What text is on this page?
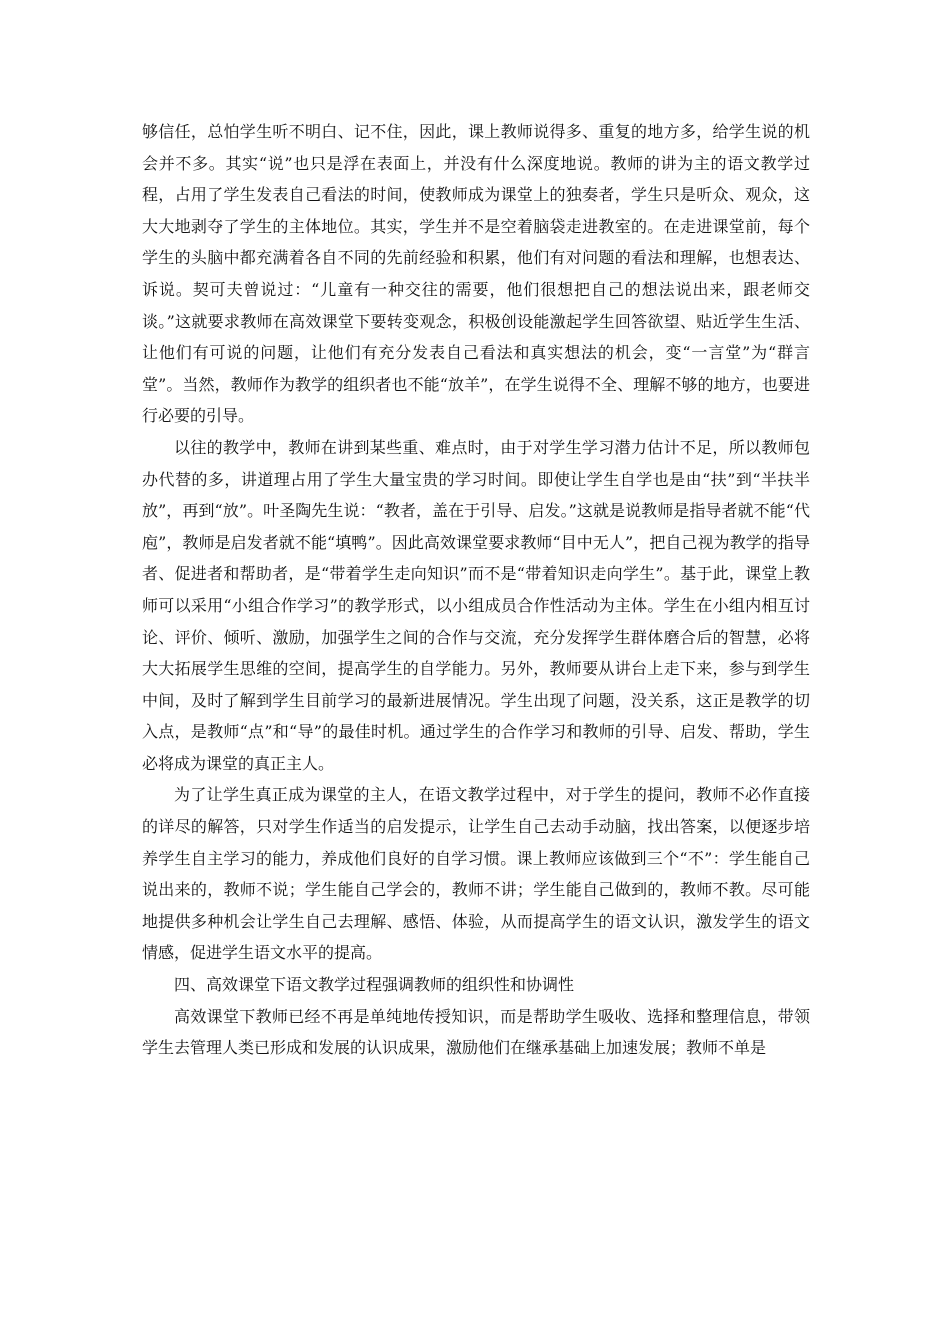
够信任，总怕学生听不明白、记不住，因此，课上教师说得多、重复的地方多，给学生说的机会并不多。其实“说”也只是浮在表面上，并没有什么深度地说。教师的讲为主的语文教学过程，占用了学生发表自己看法的时间，使教师成为课堂上的独奏者，学生只是听众、观众，这大大地剥夺了学生的主体地位。其实，学生并不是空着脑袋走进教室的。在走进课堂前，每个学生的头脑中都充满着各自不同的先前经验和积累，他们有对问题的看法和理解，也想表达、诉说。契可夫曾说过：“儿童有一种交往的需要，他们很想把自己的想法说出来，跟老师交谈。”这就要求教师在高效课堂下要转变观念，积极创设能激起学生回答欲望、贴近学生生活、让他们有可说的问题，让他们有充分发表自己看法和真实想法的机会，变“一言堂”为“群言堂”。当然，教师作为教学的组织者也不能“放羊”，在学生说得不全、理解不够的地方，也要进行必要的引导。

以往的教学中，教师在讲到某些重、难点时，由于对学生学习潜力估计不足，所以教师包办代替的多，讲道理占用了学生大量宝贵的学习时间。即使让学生自学也是由“扶”到“半扶半放”，再到“放”。叶圣陶先生说：“教者，盖在于引导、启发。”这就是说教师是指导者就不能“代庖”，教师是启发者就不能“填鸭”。因此高效课堂要求教师“目中无人”，把自己视为教学的指导者、促进者和帮助者，是“带着学生走向知识”而不是“带着知识走向学生”。基于此，课堂上教师可以采用“小组合作学习”的教学形式，以小组成员合作性活动为主体。学生在小组内相互讨论、评价、倾听、激励，加强学生之间的合作与交流，充分发挥学生群体磨合后的智慧，必将大大拓展学生思维的空间，提高学生的自学能力。另外，教师要从讲台上走下来，参与到学生中间，及时了解到学生目前学习的最新进展情况。学生出现了问题，没关系，这正是教学的切入点，是教师“点”和“导”的最佳时机。通过学生的合作学习和教师的引导、启发、帮助，学生必将成为课堂的真正主人。

为了让学生真正成为课堂的主人，在语文教学过程中，对于学生的提问，教师不必作直接的详尽的解答，只对学生作适当的启发提示，让学生自己去动手动脑，找出答案，以便逐步培养学生自主学习的能力，养成他们良好的自学习惯。课上教师应该做到三个“不”：学生能自己说出来的，教师不说；学生能自己学会的，教师不讲；学生能自己做到的，教师不教。尽可能地提供多种机会让学生自己去理解、感悟、体验，从而提高学生的语文认识，激发学生的语文情感，促进学生语文水平的提高。

四、高效课堂下语文教学过程强调教师的组织性和协调性

高效课堂下教师已经不再是单纯地传授知识，而是帮助学生吸收、选择和整理信息，带领学生去管理人类已形成和发展的认识成果，激励他们在继承基础上加速发展；教师不单是
